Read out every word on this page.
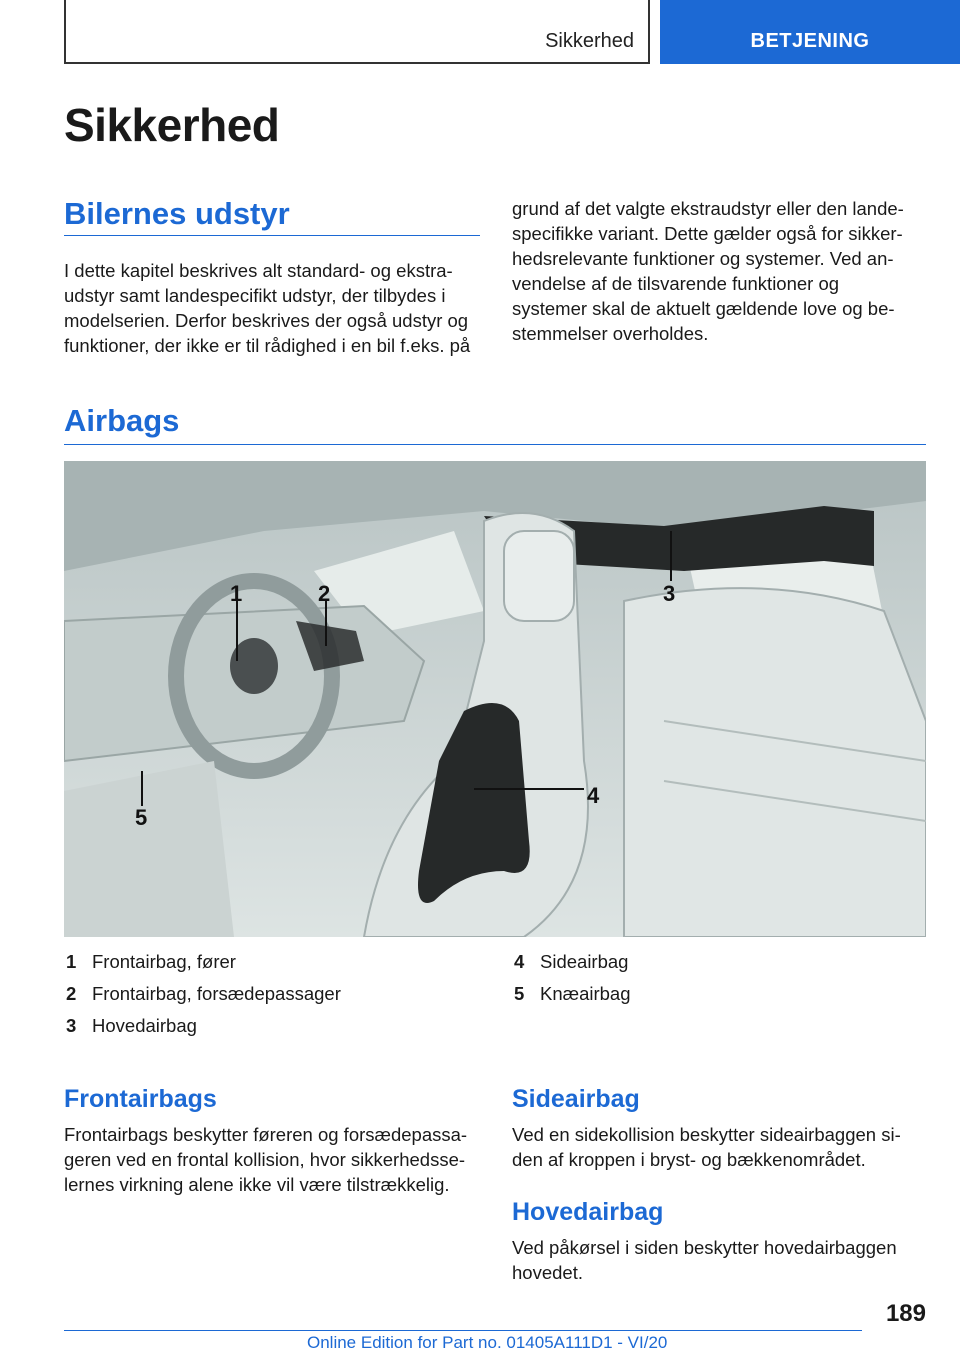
Sikkerhed	BETJENING
Sikkerhed
Bilernes udstyr
I dette kapitel beskrives alt standard- og ekstra-
udstyr samt landespecifikt udstyr, der tilbydes i
modelserien. Derfor beskrives der også udstyr og
funktioner, der ikke er til rådighed i en bil f.eks. på
grund af det valgte ekstraudstyr eller den lande-
specifikke variant. Dette gælder også for sikker-
hedsrelevante funktioner og systemer. Ved an-
vendelse af de tilsvarende funktioner og
systemer skal de aktuelt gældende love og be-
stemmelser overholdes.
Airbags
1	2	3
4
5
1 Frontairbag, fører
2 Frontairbag, forsædepassager
3 Hovedairbag
4 Sideairbag
5 Knæairbag
Frontairbags
Frontairbags beskytter føreren og forsædepassa-
geren ved en frontal kollision, hvor sikkerhedsse-
lernes virkning alene ikke vil være tilstrækkelig.
Sideairbag
Ved en sidekollision beskytter sideairbaggen si-
den af kroppen i bryst- og bækkenområdet.
Hovedairbag
Ved påkørsel i siden beskytter hovedairbaggen
hovedet.
189
Online Edition for Part no. 01405A111D1 - VI/20
